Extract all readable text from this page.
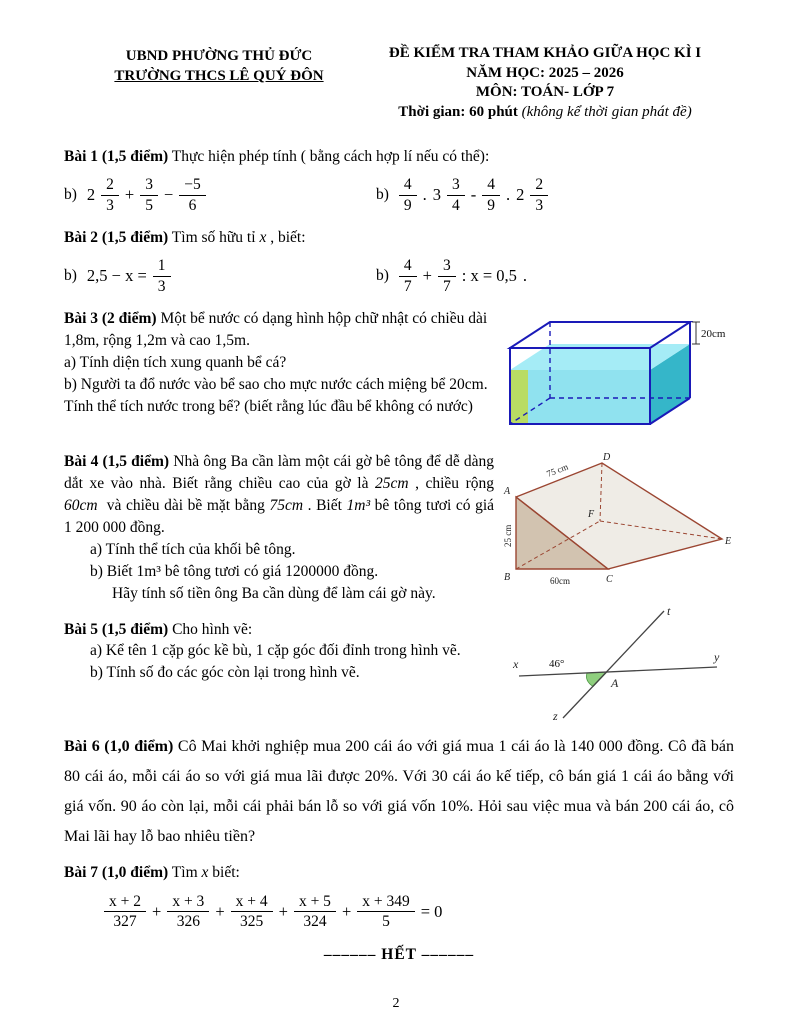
UBND PHƯỜNG THỦ ĐỨC
TRƯỜNG THCS LÊ QUÝ ĐÔN
ĐỀ KIỂM TRA THAM KHẢO GIỮA HỌC KÌ I
NĂM HỌC: 2025 – 2026
MÔN: TOÁN- LỚP 7
Thời gian: 60 phút (không kể thời gian phát đề)

Bài 1 (1,5 điểm) Thực hiện phép tính ( bằng cách hợp lí nếu có thể):

b) $2 \frac{2}{3} + \frac{3}{5} - \frac{-5}{6}$	$b) \frac{4}{9}$ . $3 \frac{3}{4} - \frac{4}{9}$ . $2 \frac{2}{3}$

Bài 2 (1,5 điểm) Tìm số hữu tỉ x , biết:

b) $2,5 - x = \frac{1}{3}$	$b) \frac{4}{7} + \frac{3}{7}$ : x = 0,5 .

Bài 3 (2 điểm) Một bể nước có dạng hình hộp chữ nhật có chiều dài 1,8m, rộng 1,2m và cao 1,5m.

a) Tính diện tích xung quanh bể cá?

b) Người ta đổ nước vào bể sao cho mực nước cách miệng bể 20cm. Tính thể tích nước trong bể? (biết rằng lúc đầu bể không có nước)

20cm

Bài 4 (1,5 điểm) Nhà ông Ba cần làm một cái gờ bê tông để dễ dàng dắt xe vào nhà. Biết rằng chiều cao của gờ là 25cm , chiều rộng 60cm  và chiều dài bề mặt bằng 75cm . Biết 1m³ bê tông tươi có giá 1 200 000 đồng.

a) Tính thể tích của khối bê tông.

b) Biết 1m³ bê tông tươi có giá 1200000 đồng.

Hãy tính số tiền ông Ba cần dùng để làm cái gờ này.

Bài 5 (1,5 điểm) Cho hình vẽ:

a) Kể tên 1 cặp góc kề bù, 1 cặp góc đối đỉnh trong hình vẽ.

b) Tính số đo các góc còn lại trong hình vẽ.

D
A
B	C
E
F
75 cm
25 cm
60cm
x	y
z
t
A
46°

Bài 6 (1,0 điểm) Cô Mai khởi nghiệp mua 200 cái áo với giá mua 1 cái áo là 140 000 đồng. Cô đã bán 80 cái áo, mỗi cái áo so với giá mua lãi được 20%. Với 30 cái áo kế tiếp, cô bán giá 1 cái áo bằng với giá vốn. 90 áo còn lại, mỗi cái phải bán lỗ so với giá vốn 10%. Hỏi sau việc mua và bán 200 cái áo, cô Mai lãi hay lỗ bao nhiêu tiền?

Bài 7 (1,0 điểm) Tìm x biết:

$\frac{x + 2}{327} + \frac{x + 3}{326} + \frac{x + 4}{325} + \frac{x + 5}{324} + \frac{x + 349}{5} = 0$

–––––– HẾT ––––––

2
